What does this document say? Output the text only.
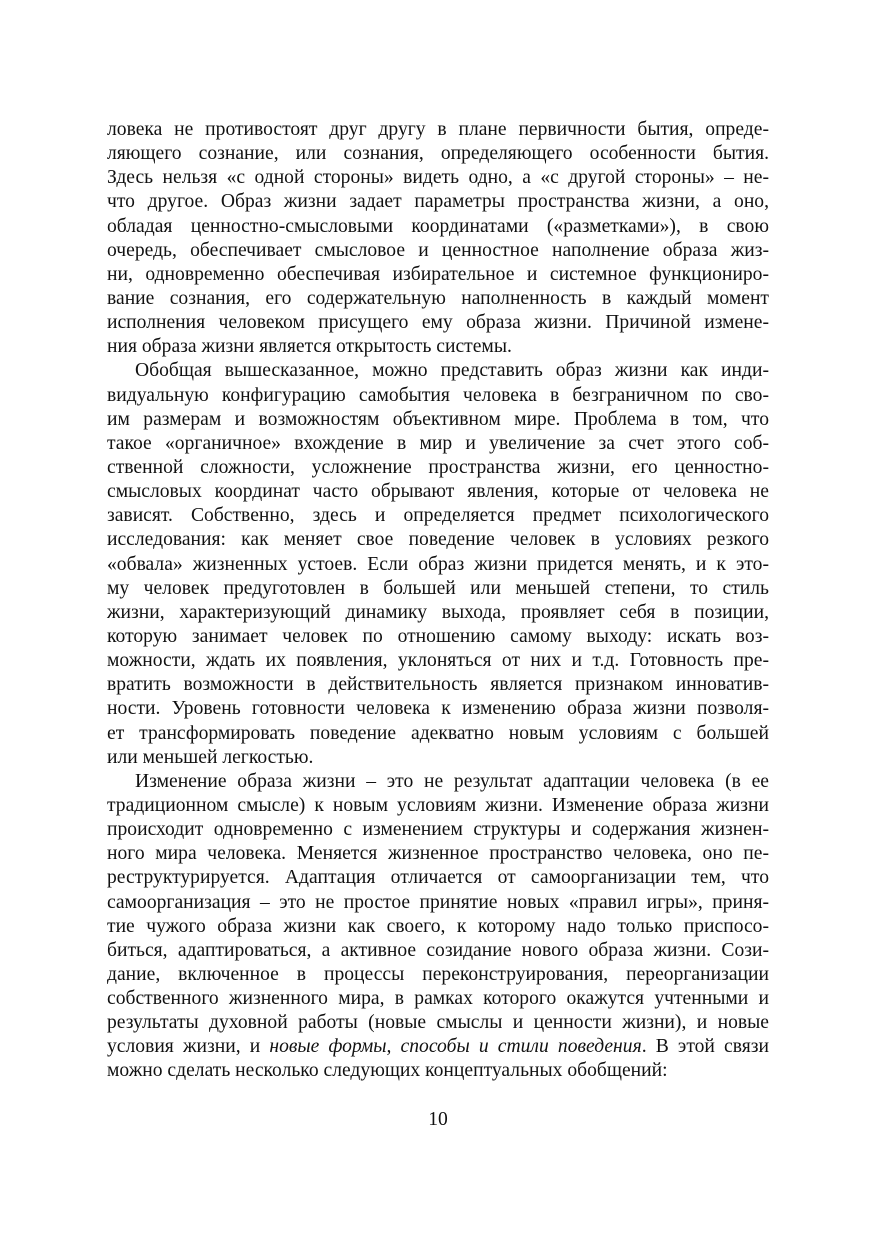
ловека не противостоят друг другу в плане первичности бытия, опреде-
ляющего сознание, или сознания, определяющего особенности бытия.
Здесь нельзя «с одной стороны» видеть одно, а «с другой стороны» – не-
что другое. Образ жизни задает параметры пространства жизни, а оно,
обладая ценностно-смысловыми координатами («разметками»), в свою
очередь, обеспечивает смысловое и ценностное наполнение образа жиз-
ни, одновременно обеспечивая избирательное и системное функциониро-
вание сознания, его содержательную наполненность в каждый момент
исполнения человеком присущего ему образа жизни. Причиной измене-
ния образа жизни является открытость системы.
Обобщая вышесказанное, можно представить образ жизни как инди-
видуальную конфигурацию самобытия человека в безграничном по сво-
им размерам и возможностям объективном мире. Проблема в том, что
такое «органичное» вхождение в мир и увеличение за счет этого соб-
ственной сложности, усложнение пространства жизни, его ценностно-
смысловых координат часто обрывают явления, которые от человека не
зависят. Собственно, здесь и определяется предмет психологического
исследования: как меняет свое поведение человек в условиях резкого
«обвала» жизненных устоев. Если образ жизни придется менять, и к это-
му человек предуготовлен в большей или меньшей степени, то стиль
жизни, характеризующий динамику выхода, проявляет себя в позиции,
которую занимает человек по отношению самому выходу: искать воз-
можности, ждать их появления, уклоняться от них и т.д. Готовность пре-
вратить возможности в действительность является признаком инноватив-
ности. Уровень готовности человека к изменению образа жизни позволя-
ет трансформировать поведение адекватно новым условиям с большей
или меньшей легкостью.
Изменение образа жизни – это не результат адаптации человека (в ее
традиционном смысле) к новым условиям жизни. Изменение образа жизни
происходит одновременно с изменением структуры и содержания жизнен-
ного мира человека. Меняется жизненное пространство человека, оно пе-
реструктурируется. Адаптация отличается от самоорганизации тем, что
самоорганизация – это не простое принятие новых «правил игры», приня-
тие чужого образа жизни как своего, к которому надо только приспосо-
биться, адаптироваться, а активное созидание нового образа жизни. Сози-
дание, включенное в процессы переконструирования, переорганизации
собственного жизненного мира, в рамках которого окажутся учтенными и
результаты духовной работы (новые смыслы и ценности жизни), и новые
условия жизни, и новые формы, способы и стили поведения. В этой связи
можно сделать несколько следующих концептуальных обобщений:
10
